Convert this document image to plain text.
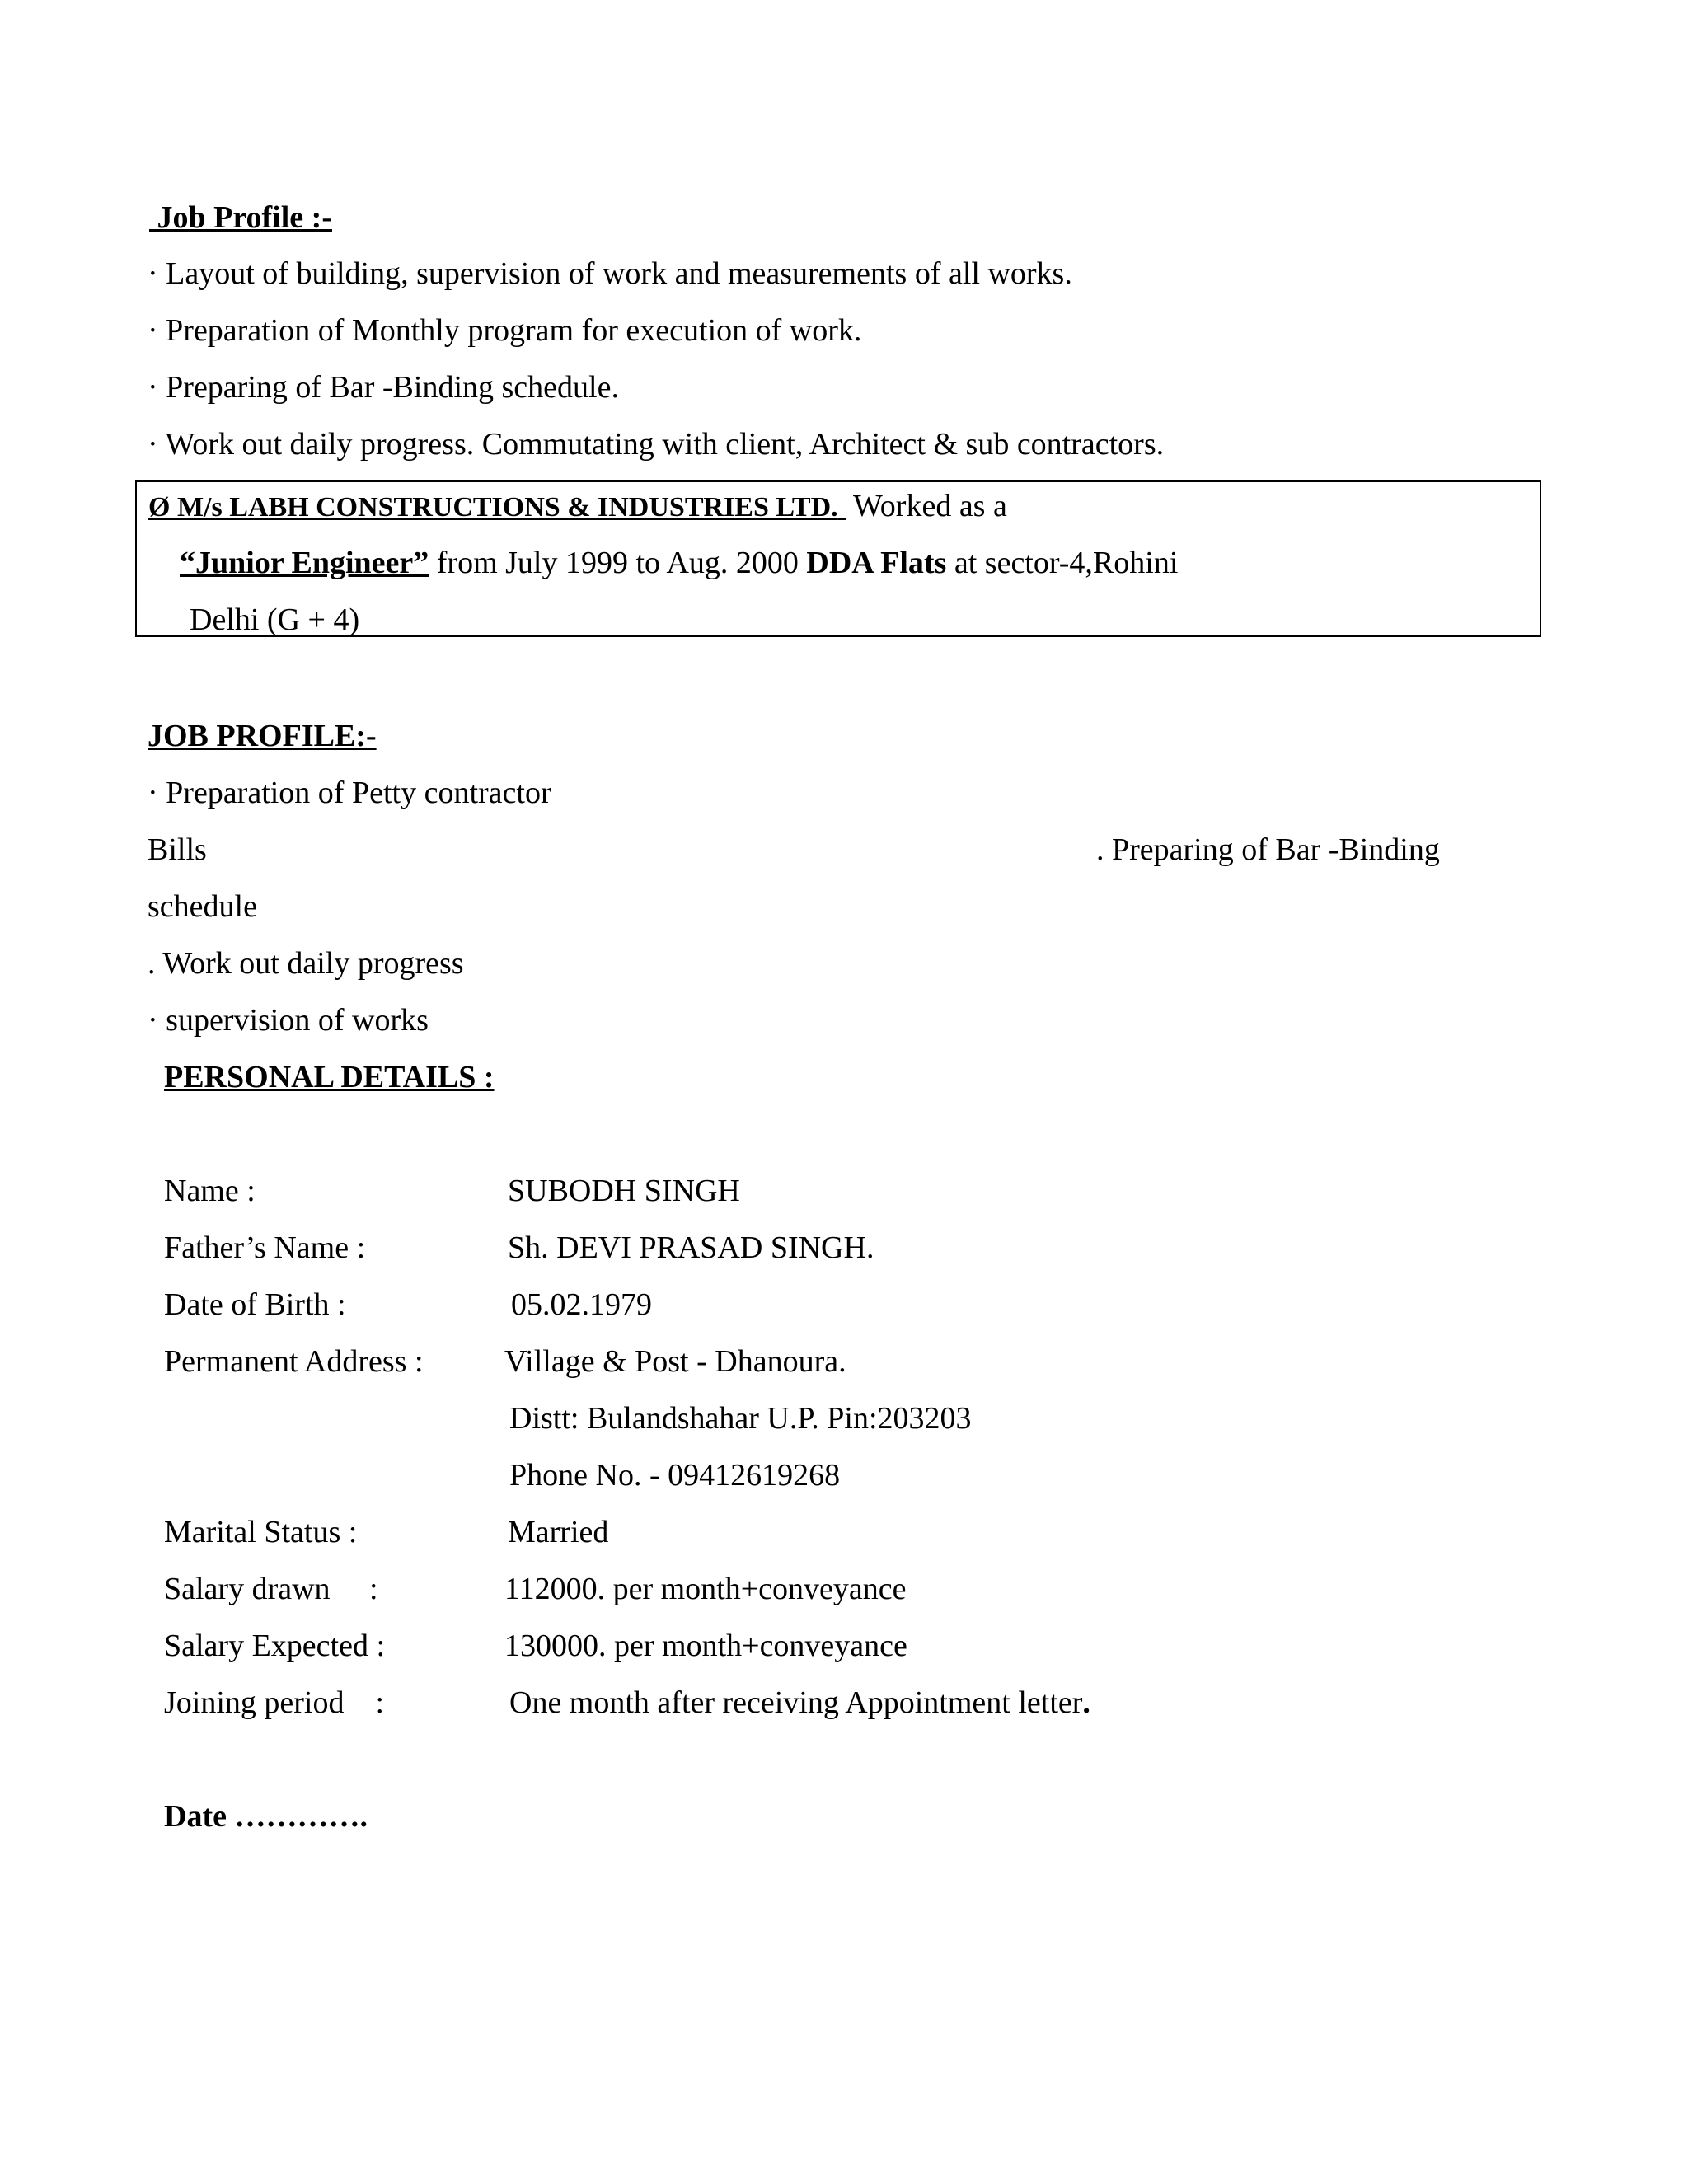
Job Profile :-
· Layout of building, supervision of work and measurements of all works.
· Preparation of Monthly program for execution of work.
· Preparing of Bar -Binding schedule.
· Work out daily progress. Commutating with client, Architect & sub contractors.
Ø M/s LABH CONSTRUCTIONS & INDUSTRIES LTD.  Worked as a
“Junior Engineer” from July 1999 to Aug. 2000 DDA Flats at sector-4,Rohini
Delhi (G + 4)
JOB PROFILE:-
· Preparation of Petty contractor
Bills	. Preparing of Bar -Binding
schedule
. Work out daily progress
· supervision of works
PERSONAL DETAILS :
Name :	SUBODH SINGH
Father’s Name :	Sh. DEVI PRASAD SINGH.
Date of Birth :	05.02.1979
Permanent Address :	Village & Post - Dhanoura.
Distt: Bulandshahar U.P. Pin:203203
Phone No. - 09412619268
Marital Status :	Married
Salary drawn     :	112000. per month+conveyance
Salary Expected :	130000. per month+conveyance
Joining period    :	One month after receiving Appointment letter.
Date ………….
